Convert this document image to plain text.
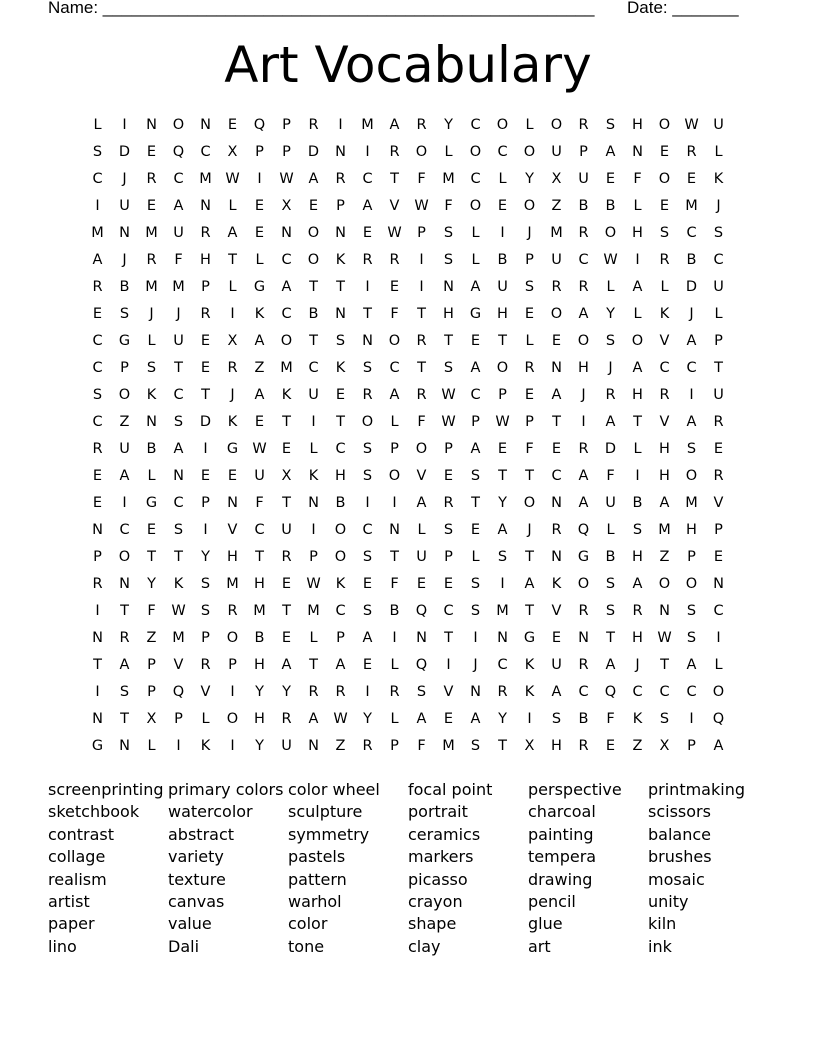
Name: ____________________________________________________ Date: _______
Art Vocabulary
L	I	N	O	N	E	Q	P	R	I	M	A	R	Y	C	O	L	O	R	S	H	O W	U
S	D	E	Q	C	X	P	P	D	N	I	R	O	L	O	C	O	U	P	A	N	E	R	L
C	J	R	C	M W	I	W	A	R	C	T	F	M	C	L	Y	X	U	E	F	O	E	K
I	U	E	A	N	L	E	X	E	P	A	V	W	F	O	E	O	Z	B	B	L	E	M	J
M	N	M	U	R	A	E	N	O	N	E	W	P	S	L	I	J	M	R	O	H	S	C	S
A	J	R	F	H	T	L	C	O	K	R	R	I	S	L	B	P	U	C	W	I	R	B	C
R	B	M M	P	L	G	A	T	T	I	E	I	N	A	U	S	R	R	L	A	L	D	U
E	S	J	J	R	I	K	C	B	N	T	F	T	H	G	H	E	O	A	Y	L	K	J	L
C	G	L	U	E	X	A	O	T	S	N	O	R	T	E	T	L	E	O	S	O	V	A	P
C	P	S	T	E	R	Z	M	C	K	S	C	T	S	A	O	R	N	H	J	A	C	C	T
S	O	K	C	T	J	A	K	U	E	R	A	R	W	C	P	E	A	J	R	H	R	I	U
C	Z	N	S	D	K	E	T	I	T	O	L	F	W	P	W	P	T	I	A	T	V	A	R
R	U	B	A	I	G W	E	L	C	S	P	O	P	A	E	F	E	R	D	L	H	S	E
E	A	L	N	E	E	U	X	K	H	S	O	V	E	S	T	T	C	A	F	I	H	O	R
E	I	G	C	P	N	F	T	N	B	I	I	A	R	T	Y	O	N	A	U	B	A	M	V
N	C	E	S	I	V	C	U	I	O	C	N	L	S	E	A	J	R	Q	L	S	M	H	P
P	O	T	T	Y	H	T	R	P	O	S	T	U	P	L	S	T	N	G	B	H	Z	P	E
R	N	Y	K	S	M	H	E	W	K	E	F	E	E	S	I	A	K	O	S	A	O	O	N
I	T	F	W	S	R	M	T	M	C	S	B	Q	C	S	M	T	V	R	S	R	N	S	C
N	R	Z	M	P	O	B	E	L	P	A	I	N	T	I	N	G	E	N	T	H W	S	I
T	A	P	V	R	P	H	A	T	A	E	L	Q	I	J	C	K	U	R	A	J	T	A	L
I	S	P	Q	V	I	Y	Y	R	R	I	R	S	V	N	R	K	A	C	Q	C	C	C	O
N	T	X	P	L	O	H	R	A	W	Y	L	A	E	A	Y	I	S	B	F	K	S	I	Q
G	N	L	I	K	I	Y	U	N	Z	R	P	F	M	S	T	X	H	R	E	Z	X	P	A
screenprinting
sketchbook
contrast
collage
realism
artist
paper
lino
primary colors
watercolor
abstract
variety
texture
canvas
value
Dali
color wheel
sculpture
symmetry
pastels
pattern
warhol
color
tone
focal point
portrait
ceramics
markers
picasso
crayon
shape
clay
perspective
charcoal
painting
tempera
drawing
pencil
glue
art
printmaking
scissors
balance
brushes
mosaic
unity
kiln
ink
